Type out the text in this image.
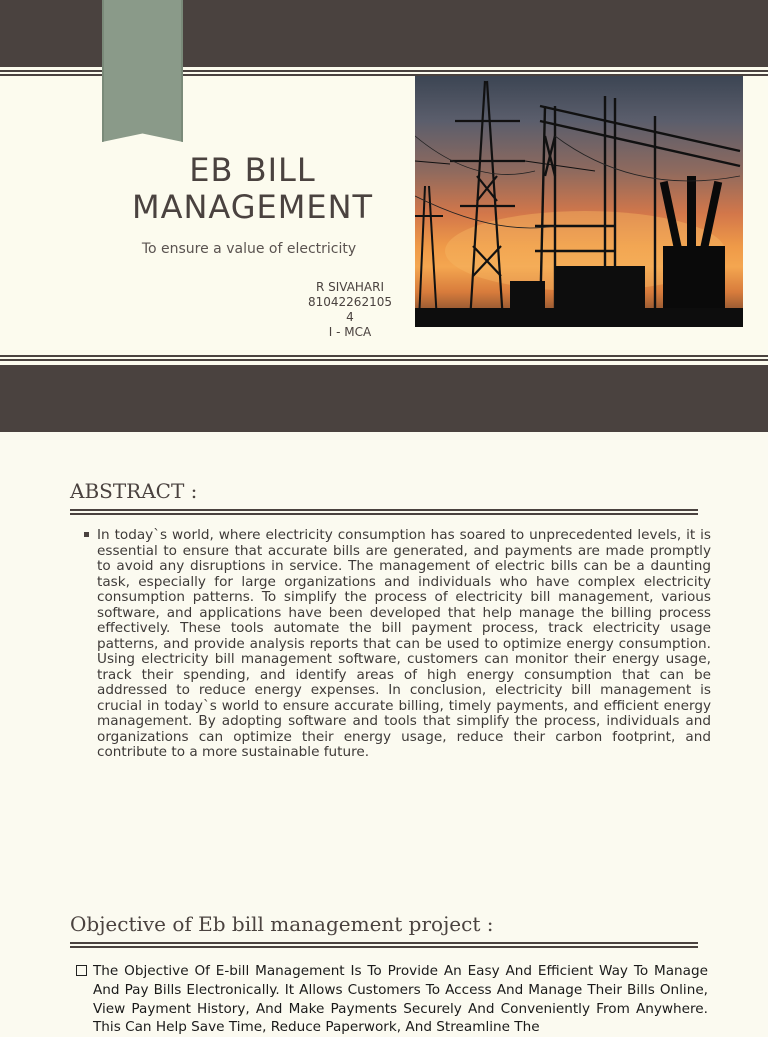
EB BILL MANAGEMENT
To ensure a value of electricity
R SIVAHARI
81042262105
4
I - MCA
ABSTRACT :
In today`s world, where electricity consumption has soared to unprecedented levels, it is essential to ensure that accurate bills are generated, and payments are made promptly to avoid any disruptions in service. The management of electric bills can be a daunting task, especially for large organizations and individuals who have complex electricity consumption patterns. To simplify the process of electricity bill management, various software, and applications have been developed that help manage the billing process effectively. These tools automate the bill payment process, track electricity usage patterns, and provide analysis reports that can be used to optimize energy consumption. Using electricity bill management software, customers can monitor their energy usage, track their spending, and identify areas of high energy consumption that can be addressed to reduce energy expenses. In conclusion, electricity bill management is crucial in today`s world to ensure accurate billing, timely payments, and efficient energy management. By adopting software and tools that simplify the process, individuals and organizations can optimize their energy usage, reduce their carbon footprint, and contribute to a more sustainable future.
Objective of Eb bill management project :
The Objective Of E-bill Management Is To Provide An Easy And Efficient Way To Manage And Pay Bills Electronically. It Allows Customers To Access And Manage Their Bills Online, View Payment History, And Make Payments Securely And Conveniently From Anywhere. This Can Help Save Time, Reduce Paperwork, And Streamline The
